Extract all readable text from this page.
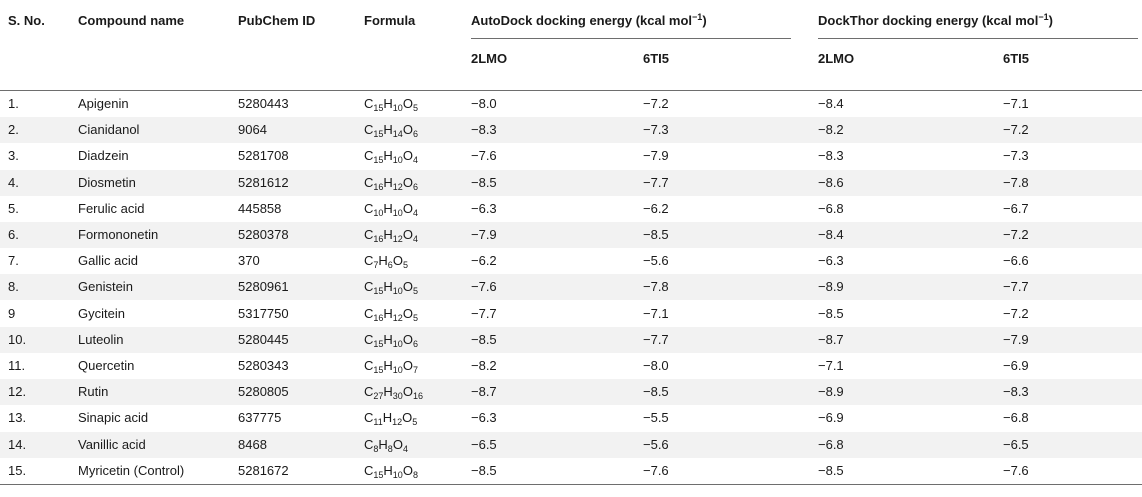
S. No.	Compound name	PubChem ID	Formula	AutoDock docking energy (kcal mol$^{-1}$)	DockThor docking energy (kcal mol$^{-1}$)
2LMO	6TI5	2LMO	6TI5
1.	Apigenin	5280443	$C_{15}H_{10}O_5$	−8.0	−7.2	−8.4	−7.1
2.	Cianidanol	9064	$C_{15}H_{14}O_6$	−8.3	−7.3	−8.2	−7.2
3.	Diadzein	5281708	$C_{15}H_{10}O_4$	−7.6	−7.9	−8.3	−7.3
4.	Diosmetin	5281612	$C_{16}H_{12}O_6$	−8.5	−7.7	−8.6	−7.8
5.	Ferulic acid	445858	$C_{10}H_{10}O_4$	−6.3	−6.2	−6.8	−6.7
6.	Formononetin	5280378	$C_{16}H_{12}O_4$	−7.9	−8.5	−8.4	−7.2
7.	Gallic acid	370	$C_7H_6O_5$	−6.2	−5.6	−6.3	−6.6
8.	Genistein	5280961	$C_{15}H_{10}O_5$	−7.6	−7.8	−8.9	−7.7
9	Gycitein	5317750	$C_{16}H_{12}O_5$	−7.7	−7.1	−8.5	−7.2
10.	Luteolin	5280445	$C_{15}H_{10}O_6$	−8.5	−7.7	−8.7	−7.9
11.	Quercetin	5280343	$C_{15}H_{10}O_7$	−8.2	−8.0	−7.1	−6.9
12.	Rutin	5280805	$C_{27}H_{30}O_{16}$	−8.7	−8.5	−8.9	−8.3
13.	Sinapic acid	637775	$C_{11}H_{12}O_5$	−6.3	−5.5	−6.9	−6.8
14.	Vanillic acid	8468	$C_8H_8O_4$	−6.5	−5.6	−6.8	−6.5
15.	Myricetin (Control)	5281672	$C_{15}H_{10}O_8$	−8.5	−7.6	−8.5	−7.6
